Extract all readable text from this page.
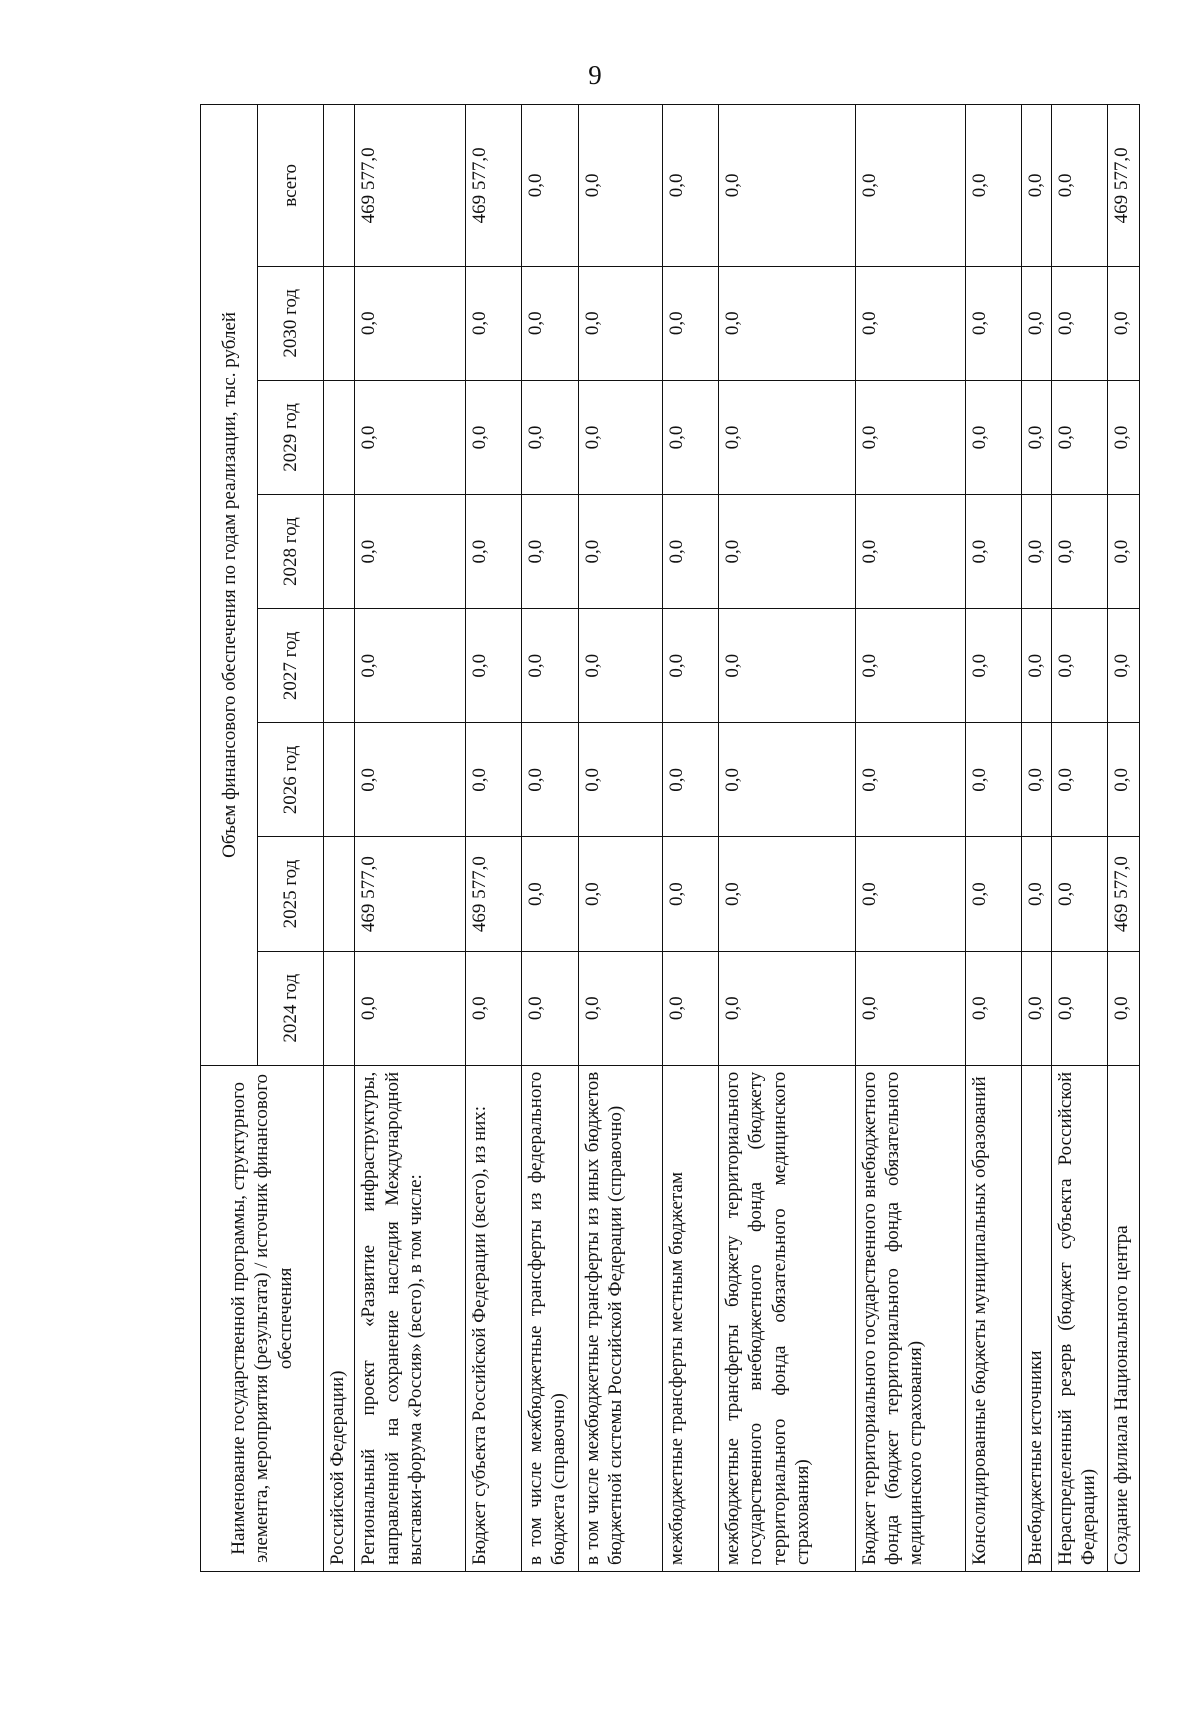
9
Наименование государственной программы, структурного элемента, мероприятия (результата) / источник финансового обеспечения	Объем финансового обеспечения по годам реализации, тыс. рублей							
	2024 год	2025 год	2026 год	2027 год	2028 год	2029 год	2030 год	всего
Российской Федерации)								
Региональный проект «Развитие инфраструктуры, направленной на сохранение наследия Международной выставки-форума «Россия» (всего), в том числе:	0,0	469 577,0	0,0	0,0	0,0	0,0	0,0	469 577,0
Бюджет субъекта Российской Федерации (всего), из них:	0,0	469 577,0	0,0	0,0	0,0	0,0	0,0	469 577,0
в том числе межбюджетные трансферты из федерального бюджета (справочно)	0,0	0,0	0,0	0,0	0,0	0,0	0,0	0,0
в том числе межбюджетные трансферты из иных бюджетов бюджетной системы Российской Федерации (справочно)	0,0	0,0	0,0	0,0	0,0	0,0	0,0	0,0
межбюджетные трансферты местным бюджетам	0,0	0,0	0,0	0,0	0,0	0,0	0,0	0,0
межбюджетные трансферты бюджету территориального государственного внебюджетного фонда (бюджету территориального фонда обязательного медицинского страхования)	0,0	0,0	0,0	0,0	0,0	0,0	0,0	0,0
Бюджет территориального государственного внебюджетного фонда (бюджет территориального фонда обязательного медицинского страхования)	0,0	0,0	0,0	0,0	0,0	0,0	0,0	0,0
Консолидированные бюджеты муниципальных образований	0,0	0,0	0,0	0,0	0,0	0,0	0,0	0,0
Внебюджетные источники	0,0	0,0	0,0	0,0	0,0	0,0	0,0	0,0
Нераспределенный резерв (бюджет субъекта Российской Федерации)	0,0	0,0	0,0	0,0	0,0	0,0	0,0	0,0
Создание филиала Национального центра	0,0	469 577,0	0,0	0,0	0,0	0,0	0,0	469 577,0
